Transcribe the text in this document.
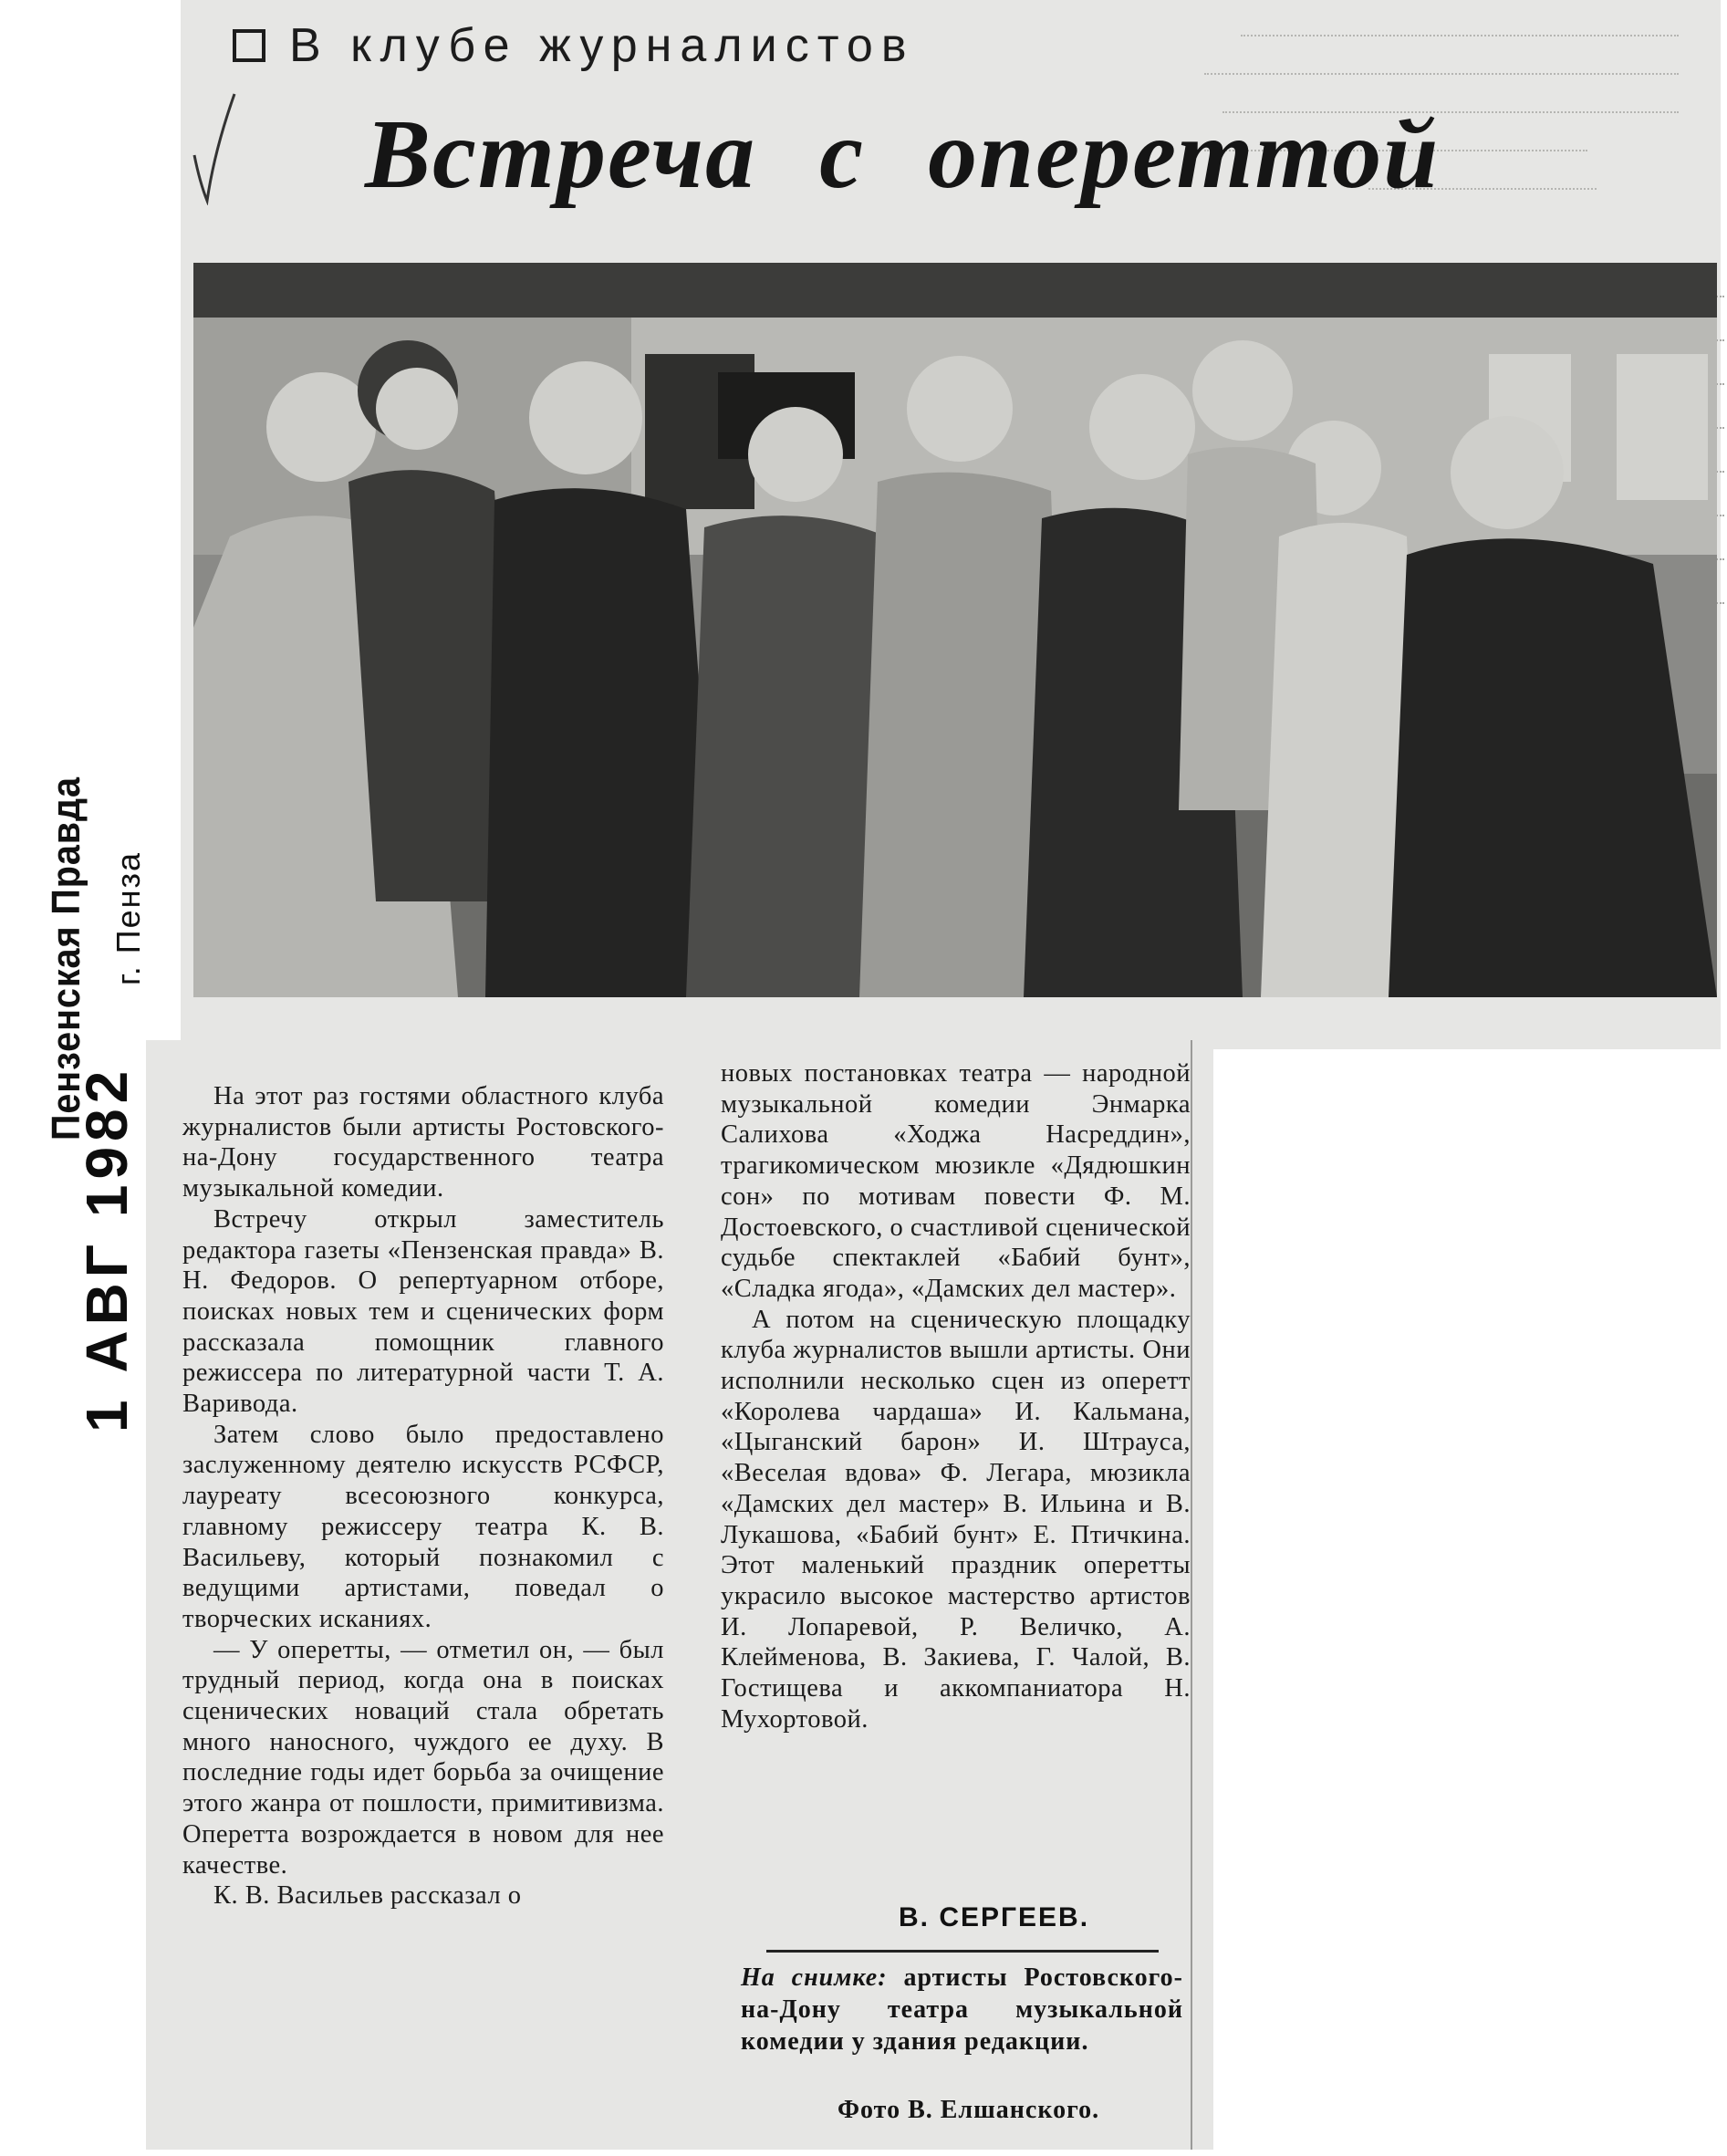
В клубе журналистов
Встреча с опереттой
1 АВГ 1982
Пензенская Правда г. Пенза

На этот раз гостями областного клуба журналистов были артисты Ростовского-на-Дону государственного театра музыкальной комедии.

Встречу открыл заместитель редактора газеты «Пензенская правда» В. Н. Федоров. О репертуарном отборе, поисках новых тем и сценических форм рассказала помощник главного режиссера по литературной части Т. А. Варивода.

Затем слово было предоставлено заслуженному деятелю искусств РСФСР, лауреату всесоюзного конкурса, главному режиссеру театра К. В. Васильеву, который познакомил с ведущими артистами, поведал о творческих исканиях.

— У оперетты, — отметил он, — был трудный период, когда она в поисках сценических новаций стала обретать много наносного, чуждого ее духу. В последние годы идет борьба за очищение этого жанра от пошлости, примитивизма. Оперетта возрождается в новом для нее качестве.

К. В. Васильев рассказал о

новых постановках театра — народной музыкальной комедии Энмарка Салихова «Ходжа Насреддин», трагикомическом мюзикле «Дядюшкин сон» по мотивам повести Ф. М. Достоевского, о счастливой сценической судьбе спектаклей «Бабий бунт», «Сладка ягода», «Дамских дел мастер».

А потом на сценическую площадку клуба журналистов вышли артисты. Они исполнили несколько сцен из оперетт «Королева чардаша» И. Кальмана, «Цыганский барон» И. Штрауса, «Веселая вдова» Ф. Легара, мюзикла «Дамских дел мастер» В. Ильина и В. Лукашова, «Бабий бунт» Е. Птичкина. Этот маленький праздник оперетты украсило высокое мастерство артистов И. Лопаревой, Р. Величко, А. Клейменова, В. Закиева, Г. Чалой, В. Гостищева и аккомпаниатора Н. Мухортовой.

В. СЕРГЕЕВ.
На снимке: артисты Ростовского-на-Дону театра музыкальной комедии у здания редакции.
Фото В. Елшанского.
